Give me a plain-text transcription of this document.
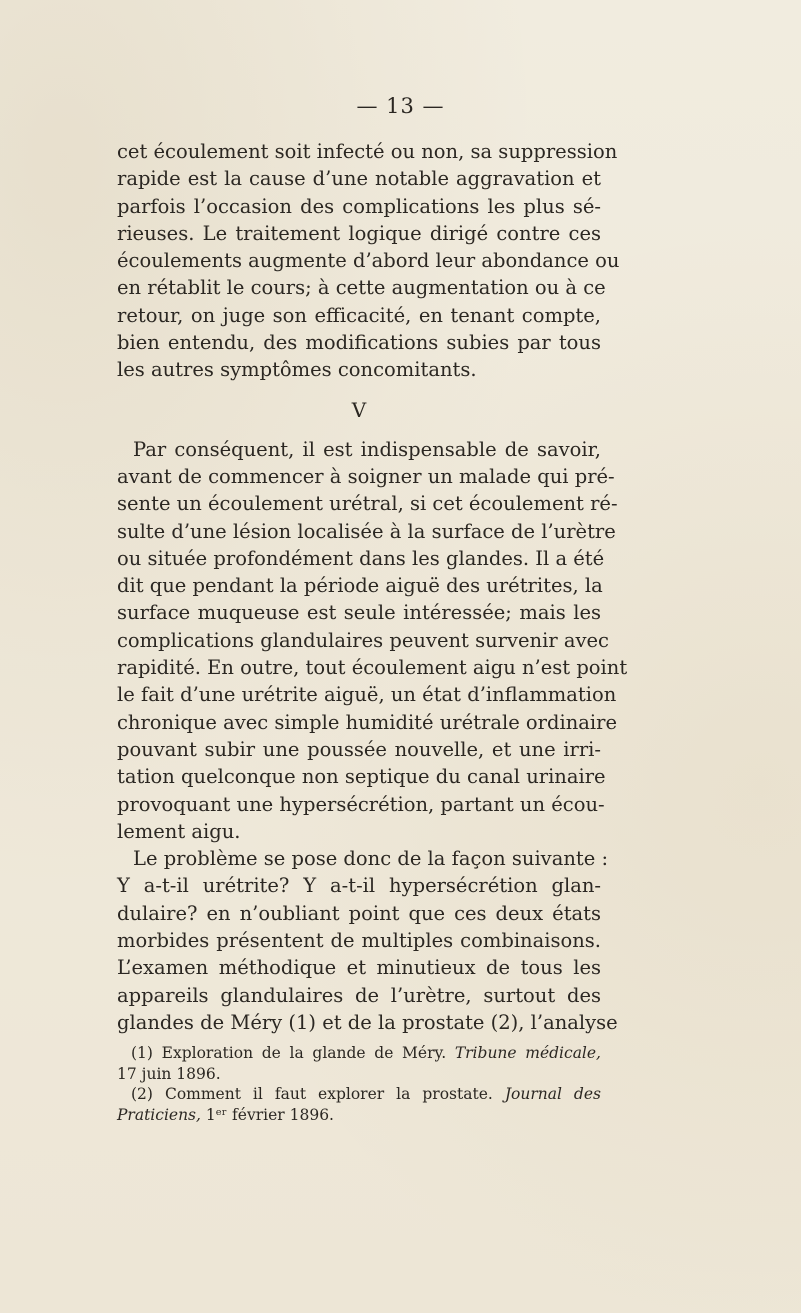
— 13 —
cet écoulement soit infecté ou non, sa suppression
rapide est la cause d’une notable aggravation et
parfois l’occasion des complications les plus sé-
rieuses. Le traitement logique dirigé contre ces
écoulements augmente d’abord leur abondance ou
en rétablit le cours; à cette augmentation ou à ce
retour, on juge son efficacité, en tenant compte,
bien entendu, des modifications subies par tous
les autres symptômes concomitants.
V
Par conséquent, il est indispensable de savoir,
avant de commencer à soigner un malade qui pré-
sente un écoulement urétral, si cet écoulement ré-
sulte d’une lésion localisée à la surface de l’urètre
ou située profondément dans les glandes. Il a été
dit que pendant la période aiguë des urétrites, la
surface muqueuse est seule intéressée; mais les
complications glandulaires peuvent survenir avec
rapidité. En outre, tout écoulement aigu n’est point
le fait d’une urétrite aiguë, un état d’inflammation
chronique avec simple humidité urétrale ordinaire
pouvant subir une poussée nouvelle, et une irri-
tation quelconque non septique du canal urinaire
provoquant une hypersécrétion, partant un écou-
lement aigu.
Le problème se pose donc de la façon suivante :
Y a-t-il urétrite? Y a-t-il hypersécrétion glan-
dulaire? en n’oubliant point que ces deux états
morbides présentent de multiples combinaisons.
L’examen méthodique et minutieux de tous les
appareils glandulaires de l’urètre, surtout des
glandes de Méry (1) et de la prostate (2), l’analyse
(1) Exploration de la glande de Méry. Tribune médicale,
17 juin 1896.
(2) Comment il faut explorer la prostate. Journal des
Praticiens, 1ᵉʳ février 1896.
